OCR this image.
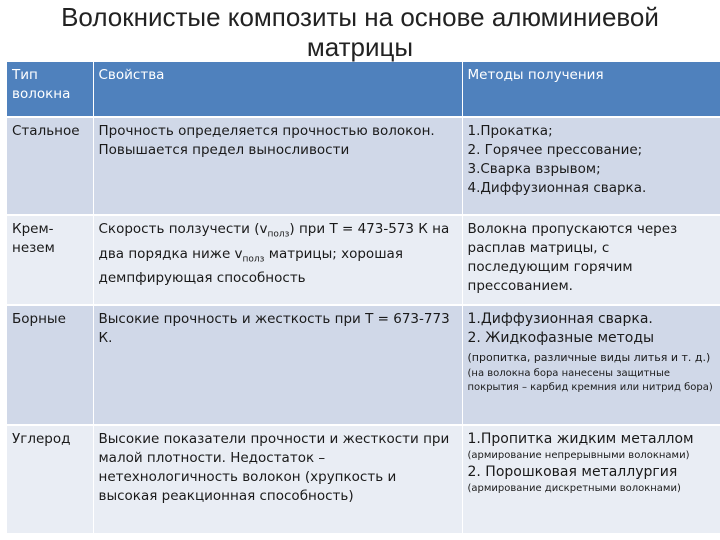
Волокнистые композиты на основе алюминиевой
матрицы
Тип волокна	Свойства	Методы получения
Стальное	Прочность определяется прочностью волокон. Повышается предел выносливости	1.Прокатка;
2. Горячее прессование;
3.Сварка взрывом;
4.Диффузионная сварка.

Крем-незем	Скорость ползучести $(v_{полз})$ при Т = 473-573 К на два порядка ниже $v_{полз}$ матрицы; хорошая демпфирующая способность	Волокна пропускаются через расплав матрицы, с последующим горячим прессованием.
Борные	Высокие прочность и жесткость при Т = 673-773 К.	1.Диффузионная сварка.
2. Жидкофазные методы
(пропитка, различные виды литья и т. д.)
(на волокна бора нанесены защитные покрытия – карбид кремния или нитрид бора)

Углерод	Высокие показатели прочности и жесткости при малой плотности. Недостаток – нетехнологичность волокон (хрупкость и высокая реакционная способность)	1.Пропитка жидким металлом
(армирование непрерывными волокнами)
2. Порошковая металлургия
(армирование дискретными волокнами)
